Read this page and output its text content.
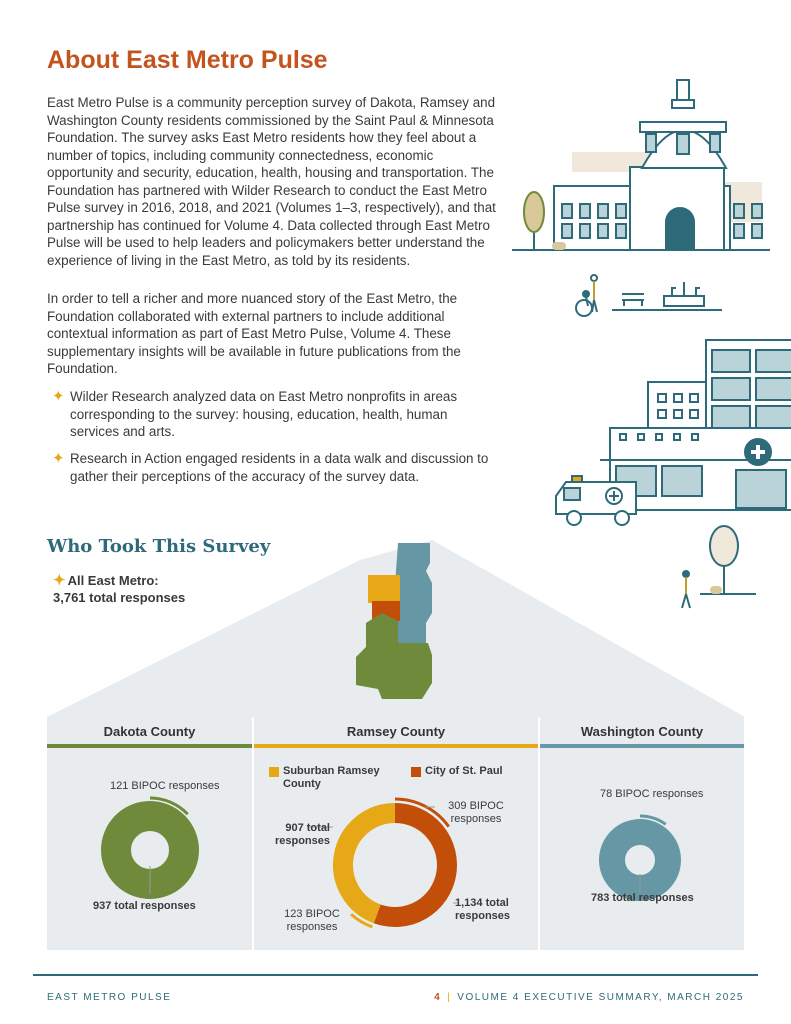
About East Metro Pulse

East Metro Pulse is a community perception survey of Dakota, Ramsey and Washington County residents commissioned by the Saint Paul & Minnesota Foundation. The survey asks East Metro residents how they feel about a number of topics, including community connectedness, economic opportunity and security, education, health, housing and transportation. The Foundation has partnered with Wilder Research to conduct the East Metro Pulse survey in 2016, 2018, and 2021 (Volumes 1–3, respectively), and that partnership has continued for Volume 4. Data collected through East Metro Pulse will be used to help leaders and policymakers better understand the experience of living in the East Metro, as told by its residents.

In order to tell a richer and more nuanced story of the East Metro, the Foundation collaborated with external partners to include additional contextual information as part of East Metro Pulse, Volume 4. These supplementary insights will be available in future publications from the Foundation.

✦ Wilder Research analyzed data on East Metro nonprofits in areas corresponding to the survey: housing, education, health, human services and arts.
✦ Research in Action engaged residents in a data walk and discussion to gather their perceptions of the accuracy of the survey data.
Who Took This Survey
✦ All East Metro:
3,761 total responses
Dakota County	Ramsey County	Washington County
121 BIPOC responses
937 total responses
Suburban Ramsey County
City of St. Paul
907 total responses
123 BIPOC responses
1,134 total responses
309 BIPOC responses
78 BIPOC responses
783 total responses
EAST METRO PULSE	4 | VOLUME 4 EXECUTIVE SUMMARY, MARCH 2025
